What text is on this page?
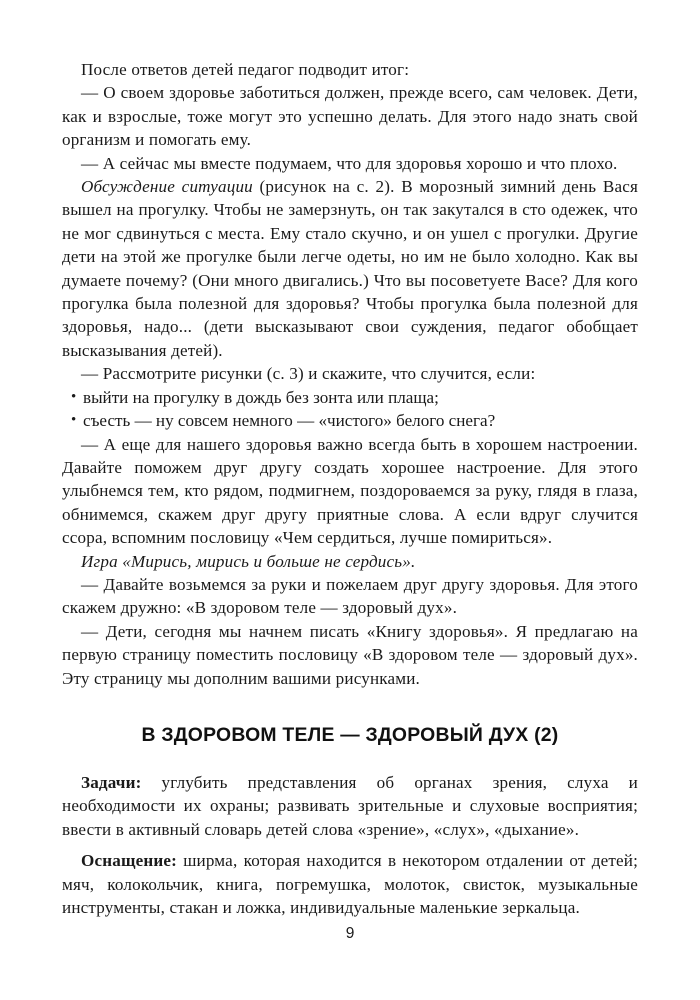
После ответов детей педагог подводит итог:

— О своем здоровье заботиться должен, прежде всего, сам человек. Дети, как и взрослые, тоже могут это успешно делать. Для этого надо знать свой организм и помогать ему.

— А сейчас мы вместе подумаем, что для здоровья хорошо и что плохо.

Обсуждение ситуации (рисунок на с. 2). В морозный зимний день Вася вышел на прогулку. Чтобы не замерзнуть, он так закутался в сто одежек, что не мог сдвинуться с места. Ему стало скучно, и он ушел с прогулки. Другие дети на этой же прогулке были легче одеты, но им не было холодно. Как вы думаете почему? (Они много двигались.) Что вы посоветуете Васе? Для кого прогулка была полезной для здоровья? Чтобы прогулка была полезной для здоровья, надо... (дети высказывают свои суждения, педагог обобщает высказывания детей).

— Рассмотрите рисунки (с. 3) и скажите, что случится, если:

• выйти на прогулку в дождь без зонта или плаща;
• съесть — ну совсем немного — «чистого» белого снега?

— А еще для нашего здоровья важно всегда быть в хорошем настроении. Давайте поможем друг другу создать хорошее настроение. Для этого улыбнемся тем, кто рядом, подмигнем, поздороваемся за руку, глядя в глаза, обнимемся, скажем друг другу приятные слова. А если вдруг случится ссора, вспомним пословицу «Чем сердиться, лучше помириться».

Игра «Мирись, мирись и больше не сердись».

— Давайте возьмемся за руки и пожелаем друг другу здоровья. Для этого скажем дружно: «В здоровом теле — здоровый дух».

— Дети, сегодня мы начнем писать «Книгу здоровья». Я предлагаю на первую страницу поместить пословицу «В здоровом теле — здоровый дух». Эту страницу мы дополним вашими рисунками.

В ЗДОРОВОМ ТЕЛЕ — ЗДОРОВЫЙ ДУХ (2)

Задачи: углубить представления об органах зрения, слуха и необходимости их охраны; развивать зрительные и слуховые восприятия; ввести в активный словарь детей слова «зрение», «слух», «дыхание».

Оснащение: ширма, которая находится в некотором отдалении от детей; мяч, колокольчик, книга, погремушка, молоток, свисток, музыкальные инструменты, стакан и ложка, индивидуальные маленькие зеркальца.

9
